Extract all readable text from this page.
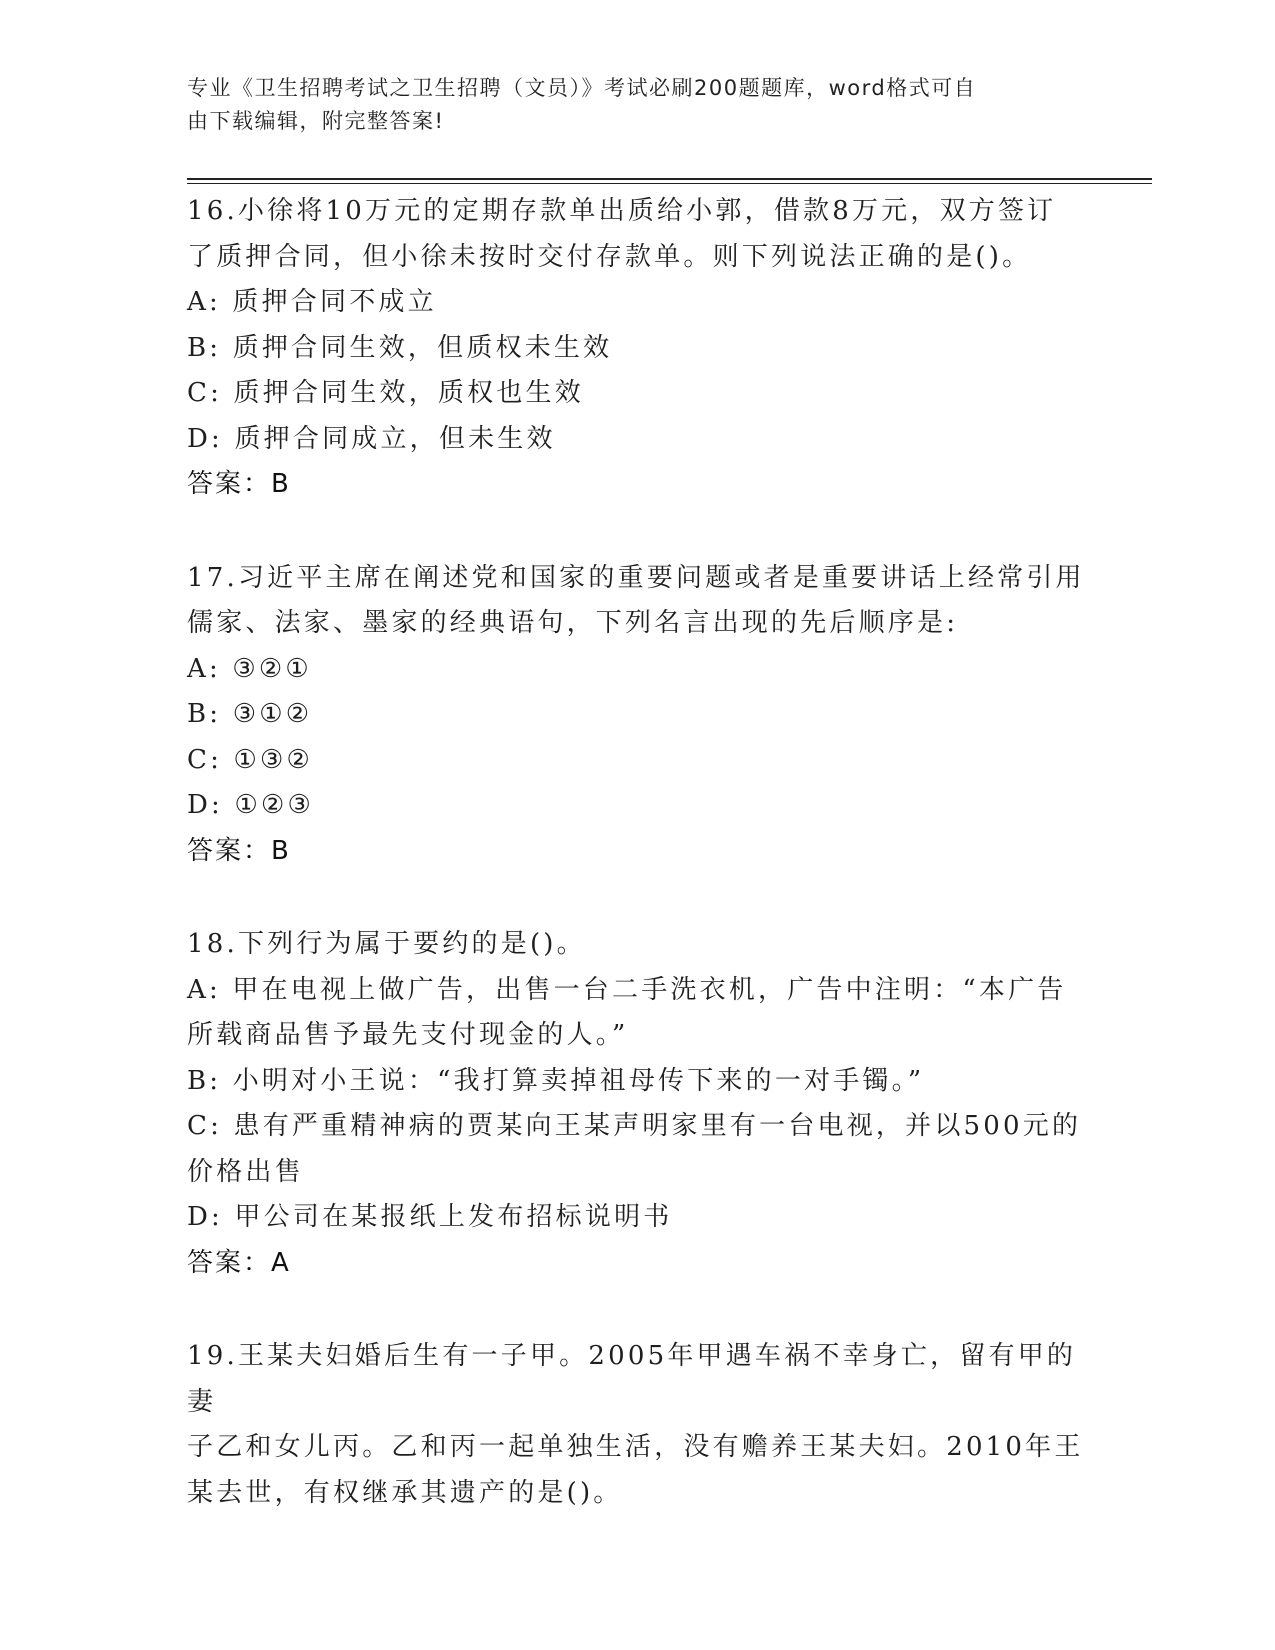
专业《卫生招聘考试之卫生招聘（文员）》考试必刷200题题库，word格式可自
由下载编辑，附完整答案!
16.小徐将10万元的定期存款单出质给小郭，借款8万元，双方签订
了质押合同，但小徐未按时交付存款单。则下列说法正确的是()。
A: 质押合同不成立
B: 质押合同生效，但质权未生效
C: 质押合同生效，质权也生效
D: 质押合同成立，但未生效
答案：B
17.习近平主席在阐述党和国家的重要问题或者是重要讲话上经常引用
儒家、法家、墨家的经典语句，下列名言出现的先后顺序是:
A: ③②①
B: ③①②
C: ①③②
D: ①②③
答案：B
18.下列行为属于要约的是()。
A: 甲在电视上做广告，出售一台二手洗衣机，广告中注明：“本广告
所载商品售予最先支付现金的人。”
B: 小明对小王说：“我打算卖掉祖母传下来的一对手镯。”
C: 患有严重精神病的贾某向王某声明家里有一台电视，并以500元的
价格出售
D: 甲公司在某报纸上发布招标说明书
答案：A
19.王某夫妇婚后生有一子甲。2005年甲遇车祸不幸身亡，留有甲的妻
子乙和女儿丙。乙和丙一起单独生活，没有赡养王某夫妇。2010年王
某去世，有权继承其遗产的是()。
